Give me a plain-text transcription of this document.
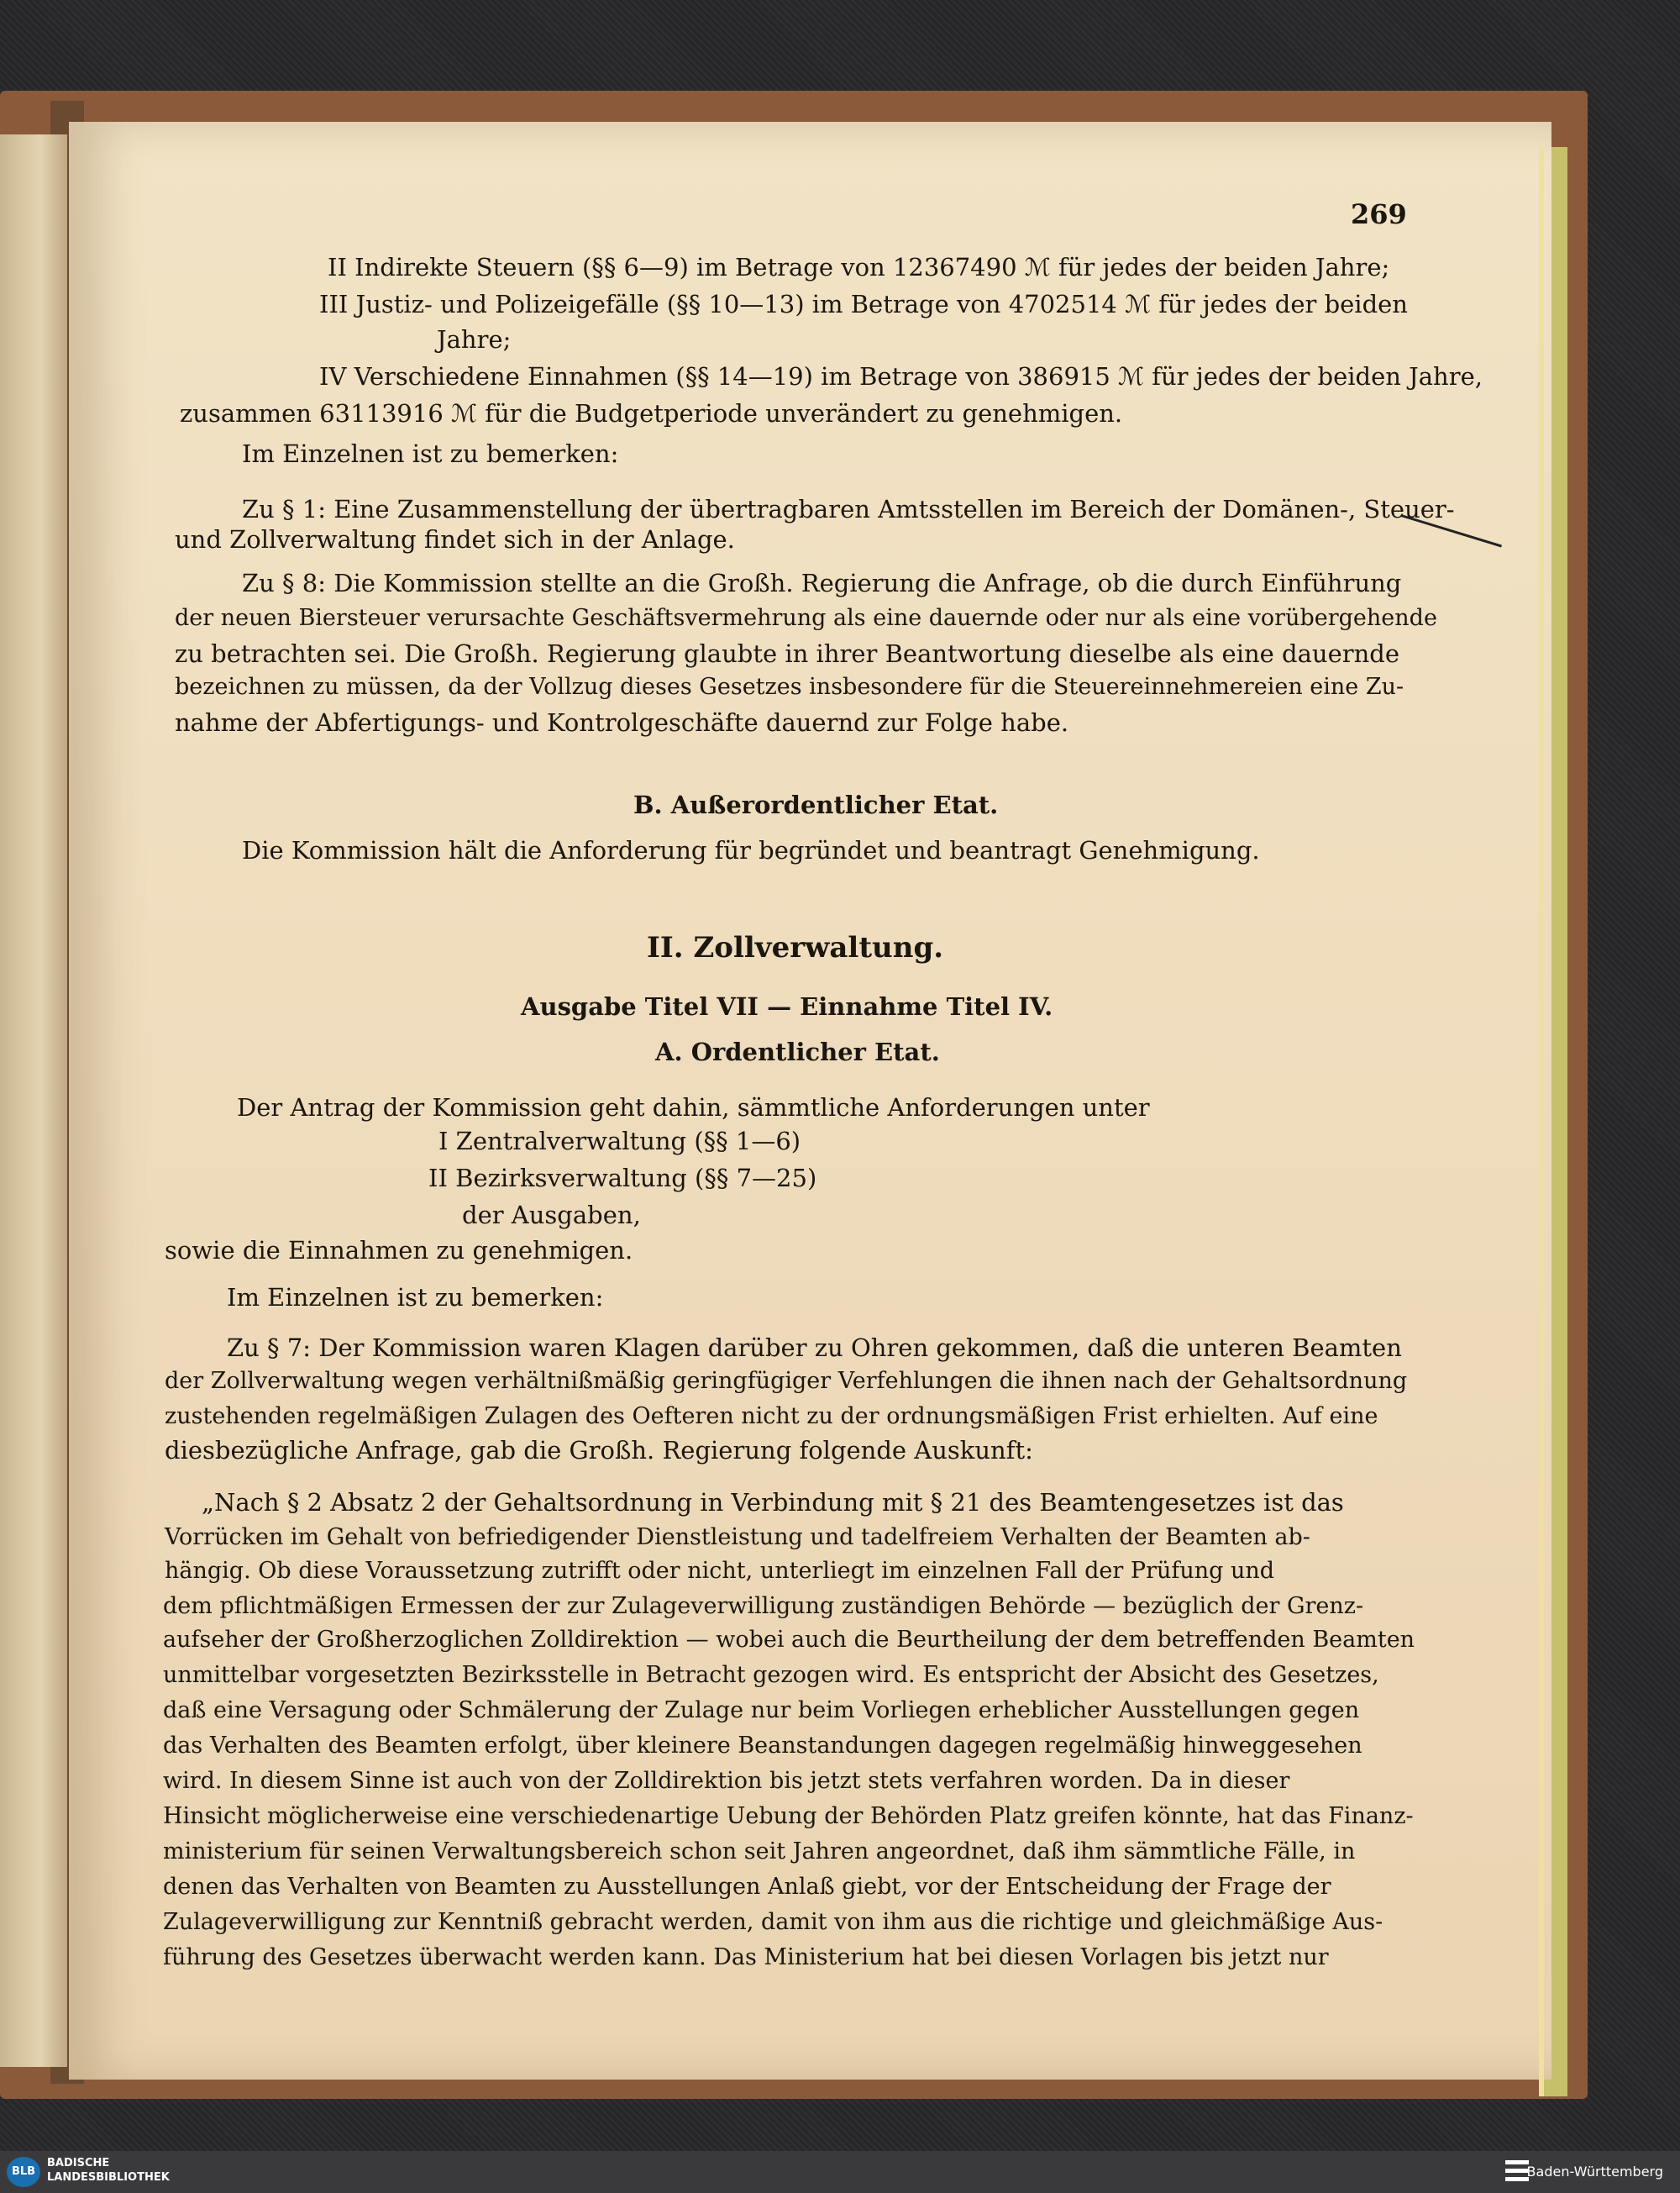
269
II Indirekte Steuern (§§ 6—9) im Betrage von 12367490 ℳ für jedes der beiden Jahre;
III Justiz- und Polizeigefälle (§§ 10—13) im Betrage von 4702514 ℳ für jedes der beiden
Jahre;
IV Verschiedene Einnahmen (§§ 14—19) im Betrage von 386915 ℳ für jedes der beiden Jahre,
zusammen 63113916 ℳ für die Budgetperiode unverändert zu genehmigen.
Im Einzelnen ist zu bemerken:
Zu § 1: Eine Zusammenstellung der übertragbaren Amtsstellen im Bereich der Domänen-, Steuer-
und Zollverwaltung findet sich in der Anlage.
Zu § 8: Die Kommission stellte an die Großh. Regierung die Anfrage, ob die durch Einführung
der neuen Biersteuer verursachte Geschäftsvermehrung als eine dauernde oder nur als eine vorübergehende
zu betrachten sei. Die Großh. Regierung glaubte in ihrer Beantwortung dieselbe als eine dauernde
bezeichnen zu müssen, da der Vollzug dieses Gesetzes insbesondere für die Steuereinnehmereien eine Zu-
nahme der Abfertigungs- und Kontrolgeschäfte dauernd zur Folge habe.
B. Außerordentlicher Etat.
Die Kommission hält die Anforderung für begründet und beantragt Genehmigung.
II. Zollverwaltung.
Ausgabe Titel VII — Einnahme Titel IV.
A. Ordentlicher Etat.
Der Antrag der Kommission geht dahin, sämmtliche Anforderungen unter
I Zentralverwaltung (§§ 1—6)
II Bezirksverwaltung (§§ 7—25)
der Ausgaben,
sowie die Einnahmen zu genehmigen.
Im Einzelnen ist zu bemerken:
Zu § 7: Der Kommission waren Klagen darüber zu Ohren gekommen, daß die unteren Beamten
der Zollverwaltung wegen verhältnißmäßig geringfügiger Verfehlungen die ihnen nach der Gehaltsordnung
zustehenden regelmäßigen Zulagen des Oefteren nicht zu der ordnungsmäßigen Frist erhielten. Auf eine
diesbezügliche Anfrage, gab die Großh. Regierung folgende Auskunft:
„Nach § 2 Absatz 2 der Gehaltsordnung in Verbindung mit § 21 des Beamtengesetzes ist das
Vorrücken im Gehalt von befriedigender Dienstleistung und tadelfreiem Verhalten der Beamten ab-
hängig. Ob diese Voraussetzung zutrifft oder nicht, unterliegt im einzelnen Fall der Prüfung und
dem pflichtmäßigen Ermessen der zur Zulageverwilligung zuständigen Behörde — bezüglich der Grenz-
aufseher der Großherzoglichen Zolldirektion — wobei auch die Beurtheilung der dem betreffenden Beamten
unmittelbar vorgesetzten Bezirksstelle in Betracht gezogen wird. Es entspricht der Absicht des Gesetzes,
daß eine Versagung oder Schmälerung der Zulage nur beim Vorliegen erheblicher Ausstellungen gegen
das Verhalten des Beamten erfolgt, über kleinere Beanstandungen dagegen regelmäßig hinweggesehen
wird. In diesem Sinne ist auch von der Zolldirektion bis jetzt stets verfahren worden. Da in dieser
Hinsicht möglicherweise eine verschiedenartige Uebung der Behörden Platz greifen könnte, hat das Finanz-
ministerium für seinen Verwaltungsbereich schon seit Jahren angeordnet, daß ihm sämmtliche Fälle, in
denen das Verhalten von Beamten zu Ausstellungen Anlaß giebt, vor der Entscheidung der Frage der
Zulageverwilligung zur Kenntniß gebracht werden, damit von ihm aus die richtige und gleichmäßige Aus-
führung des Gesetzes überwacht werden kann. Das Ministerium hat bei diesen Vorlagen bis jetzt nur
BLB
BADISCHE
LANDESBIBLIOTHEK	Baden-Württemberg
